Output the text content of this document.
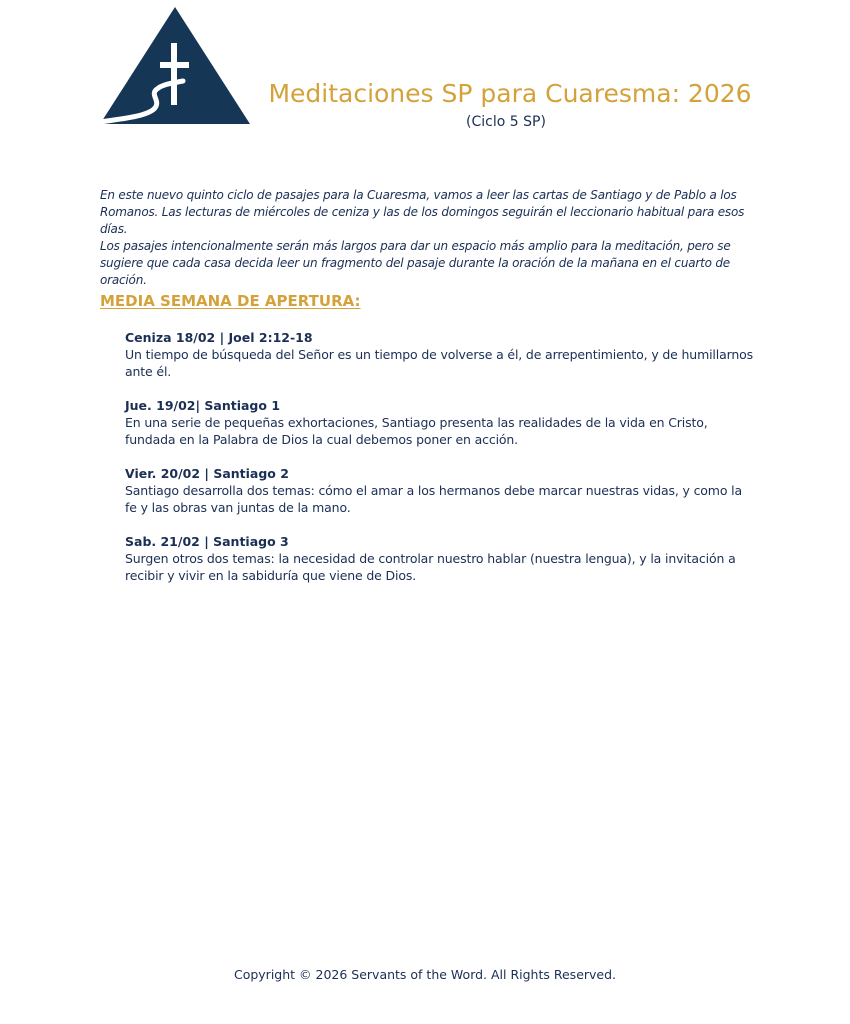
Meditaciones SP para Cuaresma: 2026
(Ciclo 5 SP)

En este nuevo quinto ciclo de pasajes para la Cuaresma, vamos a leer las cartas de Santiago y de Pablo a los Romanos. Las lecturas de miércoles de ceniza y las de los domingos seguirán el leccionario habitual para esos días.

Los pasajes intencionalmente serán más largos para dar un espacio más amplio para la meditación, pero se sugiere que cada casa decida leer un fragmento del pasaje durante la oración de la mañana en el cuarto de oración.

MEDIA SEMANA DE APERTURA:

Ceniza 18/02 | Joel 2:12-18

Un tiempo de búsqueda del Señor es un tiempo de volverse a él, de arrepentimiento, y de humillarnos ante él.

Jue. 19/02| Santiago 1

En una serie de pequeñas exhortaciones, Santiago presenta las realidades de la vida en Cristo, fundada en la Palabra de Dios la cual debemos poner en acción.

Vier. 20/02 | Santiago 2

Santiago desarrolla dos temas: cómo el amar a los hermanos debe marcar nuestras vidas, y como la fe y las obras van juntas de la mano.

Sab. 21/02 | Santiago 3

Surgen otros dos temas: la necesidad de controlar nuestro hablar (nuestra lengua), y la invitación a recibir y vivir en la sabiduría que viene de Dios.

Copyright © 2026 Servants of the Word. All Rights Reserved.
